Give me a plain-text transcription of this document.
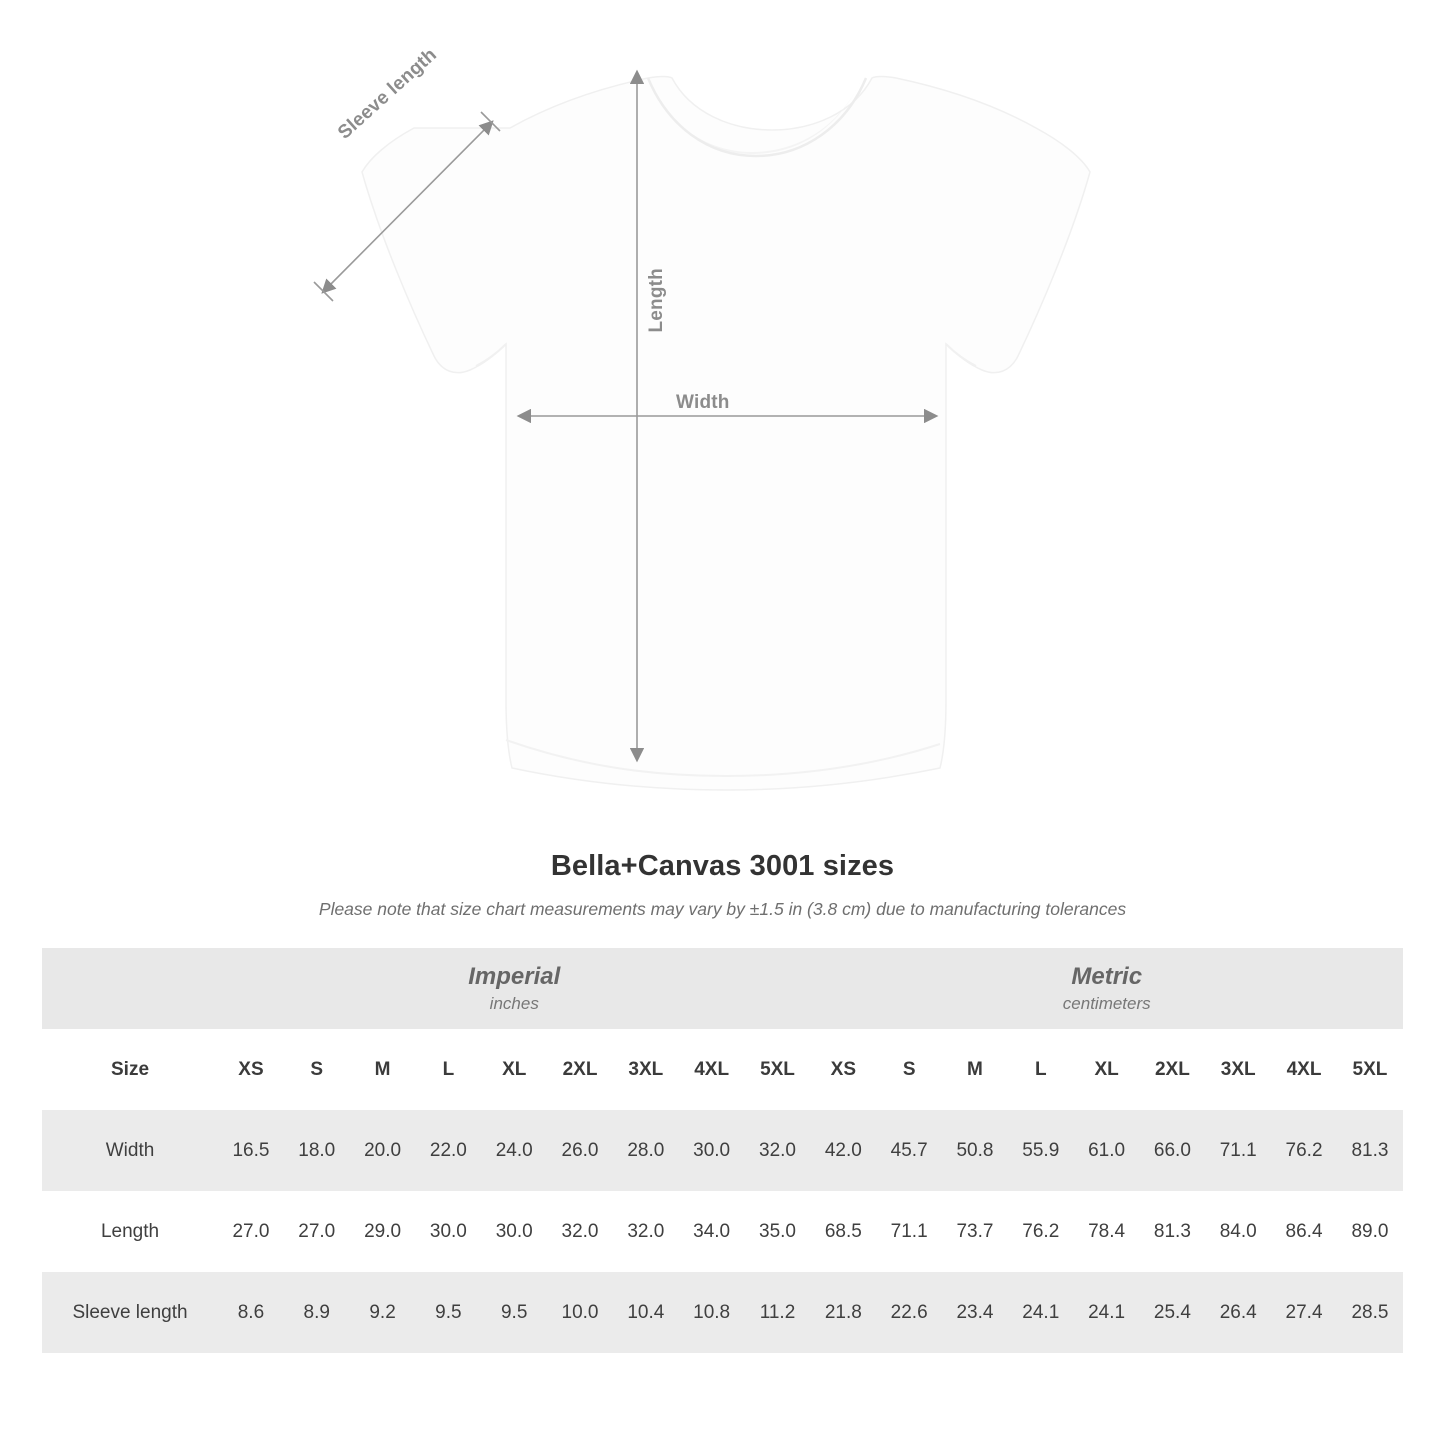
Length
Width
Sleeve length
Bella+Canvas 3001 sizes
Please note that size chart measurements may vary by ±1.5 in (3.8 cm) due to manufacturing tolerances

	Imperial
inches									Metric
centimeters								

Size	XS	S	M	L	XL	2XL	3XL	4XL	5XL	XS	S	M	L	XL	2XL	3XL	4XL	5XL
Width	16.5	18.0	20.0	22.0	24.0	26.0	28.0	30.0	32.0	42.0	45.7	50.8	55.9	61.0	66.0	71.1	76.2	81.3
Length	27.0	27.0	29.0	30.0	30.0	32.0	32.0	34.0	35.0	68.5	71.1	73.7	76.2	78.4	81.3	84.0	86.4	89.0
Sleeve length	8.6	8.9	9.2	9.5	9.5	10.0	10.4	10.8	11.2	21.8	22.6	23.4	24.1	24.1	25.4	26.4	27.4	28.5
